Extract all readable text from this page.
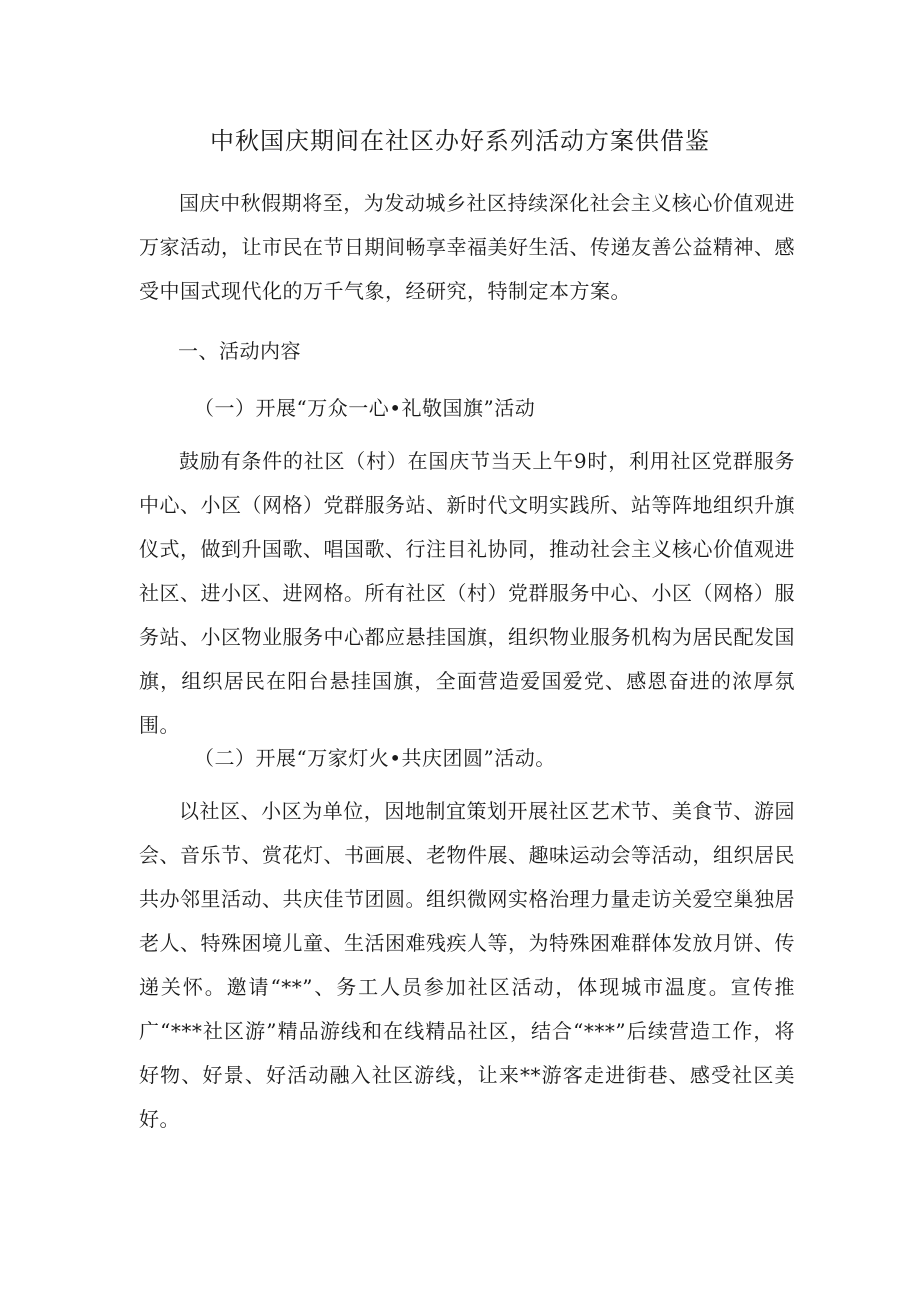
中秋国庆期间在社区办好系列活动方案供借鉴

国庆中秋假期将至，为发动城乡社区持续深化社会主义核心价值观进万家活动，让市民在节日期间畅享幸福美好生活、传递友善公益精神、感受中国式现代化的万千气象，经研究，特制定本方案。

一、活动内容
（一）开展“万众一心•礼敬国旗”活动

鼓励有条件的社区（村）在国庆节当天上午9时，利用社区党群服务中心、小区（网格）党群服务站、新时代文明实践所、站等阵地组织升旗仪式，做到升国歌、唱国歌、行注目礼协同，推动社会主义核心价值观进社区、进小区、进网格。所有社区（村）党群服务中心、小区（网格）服务站、小区物业服务中心都应悬挂国旗，组织物业服务机构为居民配发国旗，组织居民在阳台悬挂国旗，全面营造爱国爱党、感恩奋进的浓厚氛围。

（二）开展“万家灯火•共庆团圆”活动。

以社区、小区为单位，因地制宜策划开展社区艺术节、美食节、游园会、音乐节、赏花灯、书画展、老物件展、趣味运动会等活动，组织居民共办邻里活动、共庆佳节团圆。组织微网实格治理力量走访关爱空巢独居老人、特殊困境儿童、生活困难残疾人等，为特殊困难群体发放月饼、传递关怀。邀请“**”、务工人员参加社区活动，体现城市温度。宣传推广“***社区游”精品游线和在线精品社区，结合“***”后续营造工作，将好物、好景、好活动融入社区游线，让来**游客走进街巷、感受社区美好。
